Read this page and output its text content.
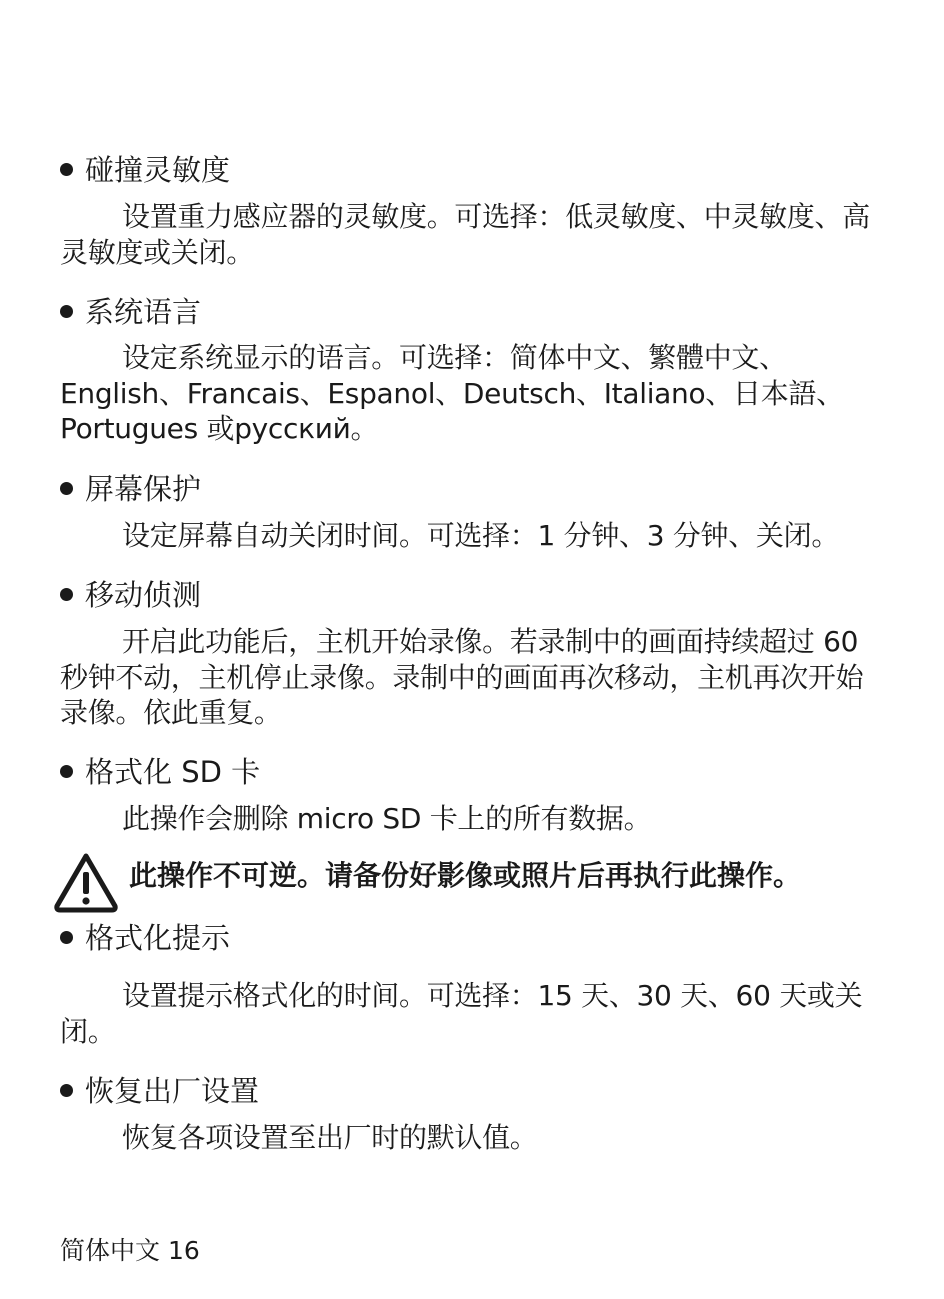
碰撞灵敏度
设置重力感应器的灵敏度。可选择：低灵敏度、中灵敏度、高灵敏度或关闭。
系统语言
设定系统显示的语言。可选择：简体中文、繁體中文、English、Francais、Espanol、Deutsch、Italiano、日本語、Portugues 或русский。
屏幕保护
设定屏幕自动关闭时间。可选择：1 分钟、3 分钟、关闭。
移动侦测
开启此功能后，主机开始录像。若录制中的画面持续超过 60 秒钟不动，主机停止录像。录制中的画面再次移动，主机再次开始录像。依此重复。
格式化 SD 卡
此操作会删除 micro SD 卡上的所有数据。
此操作不可逆。请备份好影像或照片后再执行此操作。
格式化提示
设置提示格式化的时间。可选择：15 天、30 天、60 天或关闭。
恢复出厂设置
恢复各项设置至出厂时的默认值。
简体中文 16
